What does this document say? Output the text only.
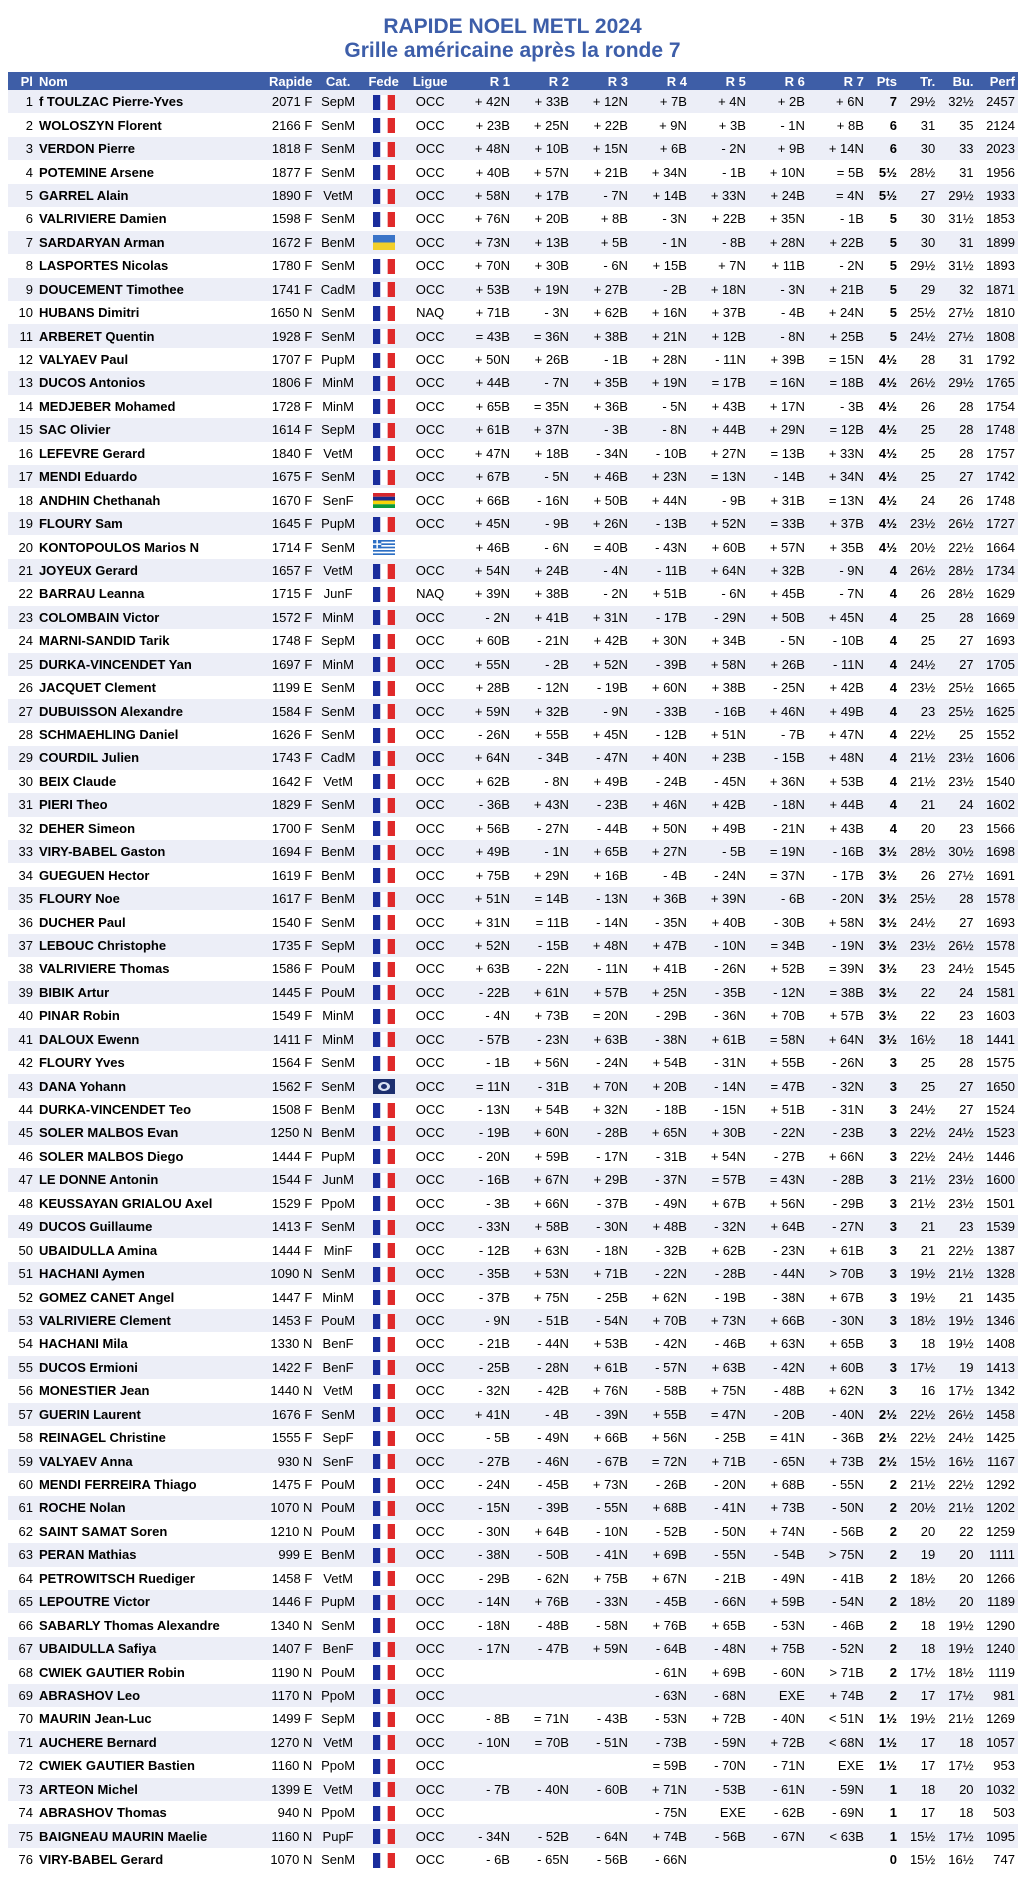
RAPIDE NOEL METL 2024
Grille américaine après la ronde 7
Pl	Nom	Rapide	Cat.	Fede	Ligue	R 1	R 2	R 3	R 4	R 5	R 6	R 7	Pts	Tr.	Bu.	Perf
1	f TOULZAC Pierre-Yves	2071 F	SepM		OCC	+ 42N	+ 33B	+ 12N	+ 7B	+ 4N	+ 2B	+ 6N	7	29½	32½	2457
2	WOLOSZYN Florent	2166 F	SenM		OCC	+ 23B	+ 25N	+ 22B	+ 9N	+ 3B	- 1N	+ 8B	6	31	35	2124
3	VERDON Pierre	1818 F	SenM		OCC	+ 48N	+ 10B	+ 15N	+ 6B	- 2N	+ 9B	+ 14N	6	30	33	2023
4	POTEMINE Arsene	1877 F	SenM		OCC	+ 40B	+ 57N	+ 21B	+ 34N	- 1B	+ 10N	= 5B	5½	28½	31	1956
5	GARREL Alain	1890 F	VetM		OCC	+ 58N	+ 17B	- 7N	+ 14B	+ 33N	+ 24B	= 4N	5½	27	29½	1933
6	VALRIVIERE Damien	1598 F	SenM		OCC	+ 76N	+ 20B	+ 8B	- 3N	+ 22B	+ 35N	- 1B	5	30	31½	1853
7	SARDARYAN Arman	1672 F	BenM		OCC	+ 73N	+ 13B	+ 5B	- 1N	- 8B	+ 28N	+ 22B	5	30	31	1899
8	LASPORTES Nicolas	1780 F	SenM		OCC	+ 70N	+ 30B	- 6N	+ 15B	+ 7N	+ 11B	- 2N	5	29½	31½	1893
9	DOUCEMENT Timothee	1741 F	CadM		OCC	+ 53B	+ 19N	+ 27B	- 2B	+ 18N	- 3N	+ 21B	5	29	32	1871
10	HUBANS Dimitri	1650 N	SenM		NAQ	+ 71B	- 3N	+ 62B	+ 16N	+ 37B	- 4B	+ 24N	5	25½	27½	1810
11	ARBERET Quentin	1928 F	SenM		OCC	= 43B	= 36N	+ 38B	+ 21N	+ 12B	- 8N	+ 25B	5	24½	27½	1808
12	VALYAEV Paul	1707 F	PupM		OCC	+ 50N	+ 26B	- 1B	+ 28N	- 11N	+ 39B	= 15N	4½	28	31	1792
13	DUCOS Antonios	1806 F	MinM		OCC	+ 44B	- 7N	+ 35B	+ 19N	= 17B	= 16N	= 18B	4½	26½	29½	1765
14	MEDJEBER Mohamed	1728 F	MinM		OCC	+ 65B	= 35N	+ 36B	- 5N	+ 43B	+ 17N	- 3B	4½	26	28	1754
15	SAC Olivier	1614 F	SepM		OCC	+ 61B	+ 37N	- 3B	- 8N	+ 44B	+ 29N	= 12B	4½	25	28	1748
16	LEFEVRE Gerard	1840 F	VetM		OCC	+ 47N	+ 18B	- 34N	- 10B	+ 27N	= 13B	+ 33N	4½	25	28	1757
17	MENDI Eduardo	1675 F	SenM		OCC	+ 67B	- 5N	+ 46B	+ 23N	= 13N	- 14B	+ 34N	4½	25	27	1742
18	ANDHIN Chethanah	1670 F	SenF		OCC	+ 66B	- 16N	+ 50B	+ 44N	- 9B	+ 31B	= 13N	4½	24	26	1748
19	FLOURY Sam	1645 F	PupM		OCC	+ 45N	- 9B	+ 26N	- 13B	+ 52N	= 33B	+ 37B	4½	23½	26½	1727
20	KONTOPOULOS Marios N	1714 F	SenM			+ 46B	- 6N	= 40B	- 43N	+ 60B	+ 57N	+ 35B	4½	20½	22½	1664
21	JOYEUX Gerard	1657 F	VetM		OCC	+ 54N	+ 24B	- 4N	- 11B	+ 64N	+ 32B	- 9N	4	26½	28½	1734
22	BARRAU Leanna	1715 F	JunF		NAQ	+ 39N	+ 38B	- 2N	+ 51B	- 6N	+ 45B	- 7N	4	26	28½	1629
23	COLOMBAIN Victor	1572 F	MinM		OCC	- 2N	+ 41B	+ 31N	- 17B	- 29N	+ 50B	+ 45N	4	25	28	1669
24	MARNI-SANDID Tarik	1748 F	SepM		OCC	+ 60B	- 21N	+ 42B	+ 30N	+ 34B	- 5N	- 10B	4	25	27	1693
25	DURKA-VINCENDET Yan	1697 F	MinM		OCC	+ 55N	- 2B	+ 52N	- 39B	+ 58N	+ 26B	- 11N	4	24½	27	1705
26	JACQUET Clement	1199 E	SenM		OCC	+ 28B	- 12N	- 19B	+ 60N	+ 38B	- 25N	+ 42B	4	23½	25½	1665
27	DUBUISSON Alexandre	1584 F	SenM		OCC	+ 59N	+ 32B	- 9N	- 33B	- 16B	+ 46N	+ 49B	4	23	25½	1625
28	SCHMAEHLING Daniel	1626 F	SenM		OCC	- 26N	+ 55B	+ 45N	- 12B	+ 51N	- 7B	+ 47N	4	22½	25	1552
29	COURDIL Julien	1743 F	CadM		OCC	+ 64N	- 34B	- 47N	+ 40N	+ 23B	- 15B	+ 48N	4	21½	23½	1606
30	BEIX Claude	1642 F	VetM		OCC	+ 62B	- 8N	+ 49B	- 24B	- 45N	+ 36N	+ 53B	4	21½	23½	1540
31	PIERI Theo	1829 F	SenM		OCC	- 36B	+ 43N	- 23B	+ 46N	+ 42B	- 18N	+ 44B	4	21	24	1602
32	DEHER Simeon	1700 F	SenM		OCC	+ 56B	- 27N	- 44B	+ 50N	+ 49B	- 21N	+ 43B	4	20	23	1566
33	VIRY-BABEL Gaston	1694 F	BenM		OCC	+ 49B	- 1N	+ 65B	+ 27N	- 5B	= 19N	- 16B	3½	28½	30½	1698
34	GUEGUEN Hector	1619 F	BenM		OCC	+ 75B	+ 29N	+ 16B	- 4B	- 24N	= 37N	- 17B	3½	26	27½	1691
35	FLOURY Noe	1617 F	BenM		OCC	+ 51N	= 14B	- 13N	+ 36B	+ 39N	- 6B	- 20N	3½	25½	28	1578
36	DUCHER Paul	1540 F	SenM		OCC	+ 31N	= 11B	- 14N	- 35N	+ 40B	- 30B	+ 58N	3½	24½	27	1693
37	LEBOUC Christophe	1735 F	SepM		OCC	+ 52N	- 15B	+ 48N	+ 47B	- 10N	= 34B	- 19N	3½	23½	26½	1578
38	VALRIVIERE Thomas	1586 F	PouM		OCC	+ 63B	- 22N	- 11N	+ 41B	- 26N	+ 52B	= 39N	3½	23	24½	1545
39	BIBIK Artur	1445 F	PouM		OCC	- 22B	+ 61N	+ 57B	+ 25N	- 35B	- 12N	= 38B	3½	22	24	1581
40	PINAR Robin	1549 F	MinM		OCC	- 4N	+ 73B	= 20N	- 29B	- 36N	+ 70B	+ 57B	3½	22	23	1603
41	DALOUX Ewenn	1411 F	MinM		OCC	- 57B	- 23N	+ 63B	- 38N	+ 61B	= 58N	+ 64N	3½	16½	18	1441
42	FLOURY Yves	1564 F	SenM		OCC	- 1B	+ 56N	- 24N	+ 54B	- 31N	+ 55B	- 26N	3	25	28	1575
43	DANA Yohann	1562 F	SenM		OCC	= 11N	- 31B	+ 70N	+ 20B	- 14N	= 47B	- 32N	3	25	27	1650
44	DURKA-VINCENDET Teo	1508 F	BenM		OCC	- 13N	+ 54B	+ 32N	- 18B	- 15N	+ 51B	- 31N	3	24½	27	1524
45	SOLER MALBOS Evan	1250 N	BenM		OCC	- 19B	+ 60N	- 28B	+ 65N	+ 30B	- 22N	- 23B	3	22½	24½	1523
46	SOLER MALBOS Diego	1444 F	PupM		OCC	- 20N	+ 59B	- 17N	- 31B	+ 54N	- 27B	+ 66N	3	22½	24½	1446
47	LE DONNE Antonin	1544 F	JunM		OCC	- 16B	+ 67N	+ 29B	- 37N	= 57B	= 43N	- 28B	3	21½	23½	1600
48	KEUSSAYAN GRIALOU Axel	1529 F	PpoM		OCC	- 3B	+ 66N	- 37B	- 49N	+ 67B	+ 56N	- 29B	3	21½	23½	1501
49	DUCOS Guillaume	1413 F	SenM		OCC	- 33N	+ 58B	- 30N	+ 48B	- 32N	+ 64B	- 27N	3	21	23	1539
50	UBAIDULLA Amina	1444 F	MinF		OCC	- 12B	+ 63N	- 18N	- 32B	+ 62B	- 23N	+ 61B	3	21	22½	1387
51	HACHANI Aymen	1090 N	SenM		OCC	- 35B	+ 53N	+ 71B	- 22N	- 28B	- 44N	> 70B	3	19½	21½	1328
52	GOMEZ CANET Angel	1447 F	MinM		OCC	- 37B	+ 75N	- 25B	+ 62N	- 19B	- 38N	+ 67B	3	19½	21	1435
53	VALRIVIERE Clement	1453 F	PouM		OCC	- 9N	- 51B	- 54N	+ 70B	+ 73N	+ 66B	- 30N	3	18½	19½	1346
54	HACHANI Mila	1330 N	BenF		OCC	- 21B	- 44N	+ 53B	- 42N	- 46B	+ 63N	+ 65B	3	18	19½	1408
55	DUCOS Ermioni	1422 F	BenF		OCC	- 25B	- 28N	+ 61B	- 57N	+ 63B	- 42N	+ 60B	3	17½	19	1413
56	MONESTIER Jean	1440 N	VetM		OCC	- 32N	- 42B	+ 76N	- 58B	+ 75N	- 48B	+ 62N	3	16	17½	1342
57	GUERIN Laurent	1676 F	SenM		OCC	+ 41N	- 4B	- 39N	+ 55B	= 47N	- 20B	- 40N	2½	22½	26½	1458
58	REINAGEL Christine	1555 F	SepF		OCC	- 5B	- 49N	+ 66B	+ 56N	- 25B	= 41N	- 36B	2½	22½	24½	1425
59	VALYAEV Anna	930 N	SenF		OCC	- 27B	- 46N	- 67B	= 72N	+ 71B	- 65N	+ 73B	2½	15½	16½	1167
60	MENDI FERREIRA Thiago	1475 F	PouM		OCC	- 24N	- 45B	+ 73N	- 26B	- 20N	+ 68B	- 55N	2	21½	22½	1292
61	ROCHE Nolan	1070 N	PouM		OCC	- 15N	- 39B	- 55N	+ 68B	- 41N	+ 73B	- 50N	2	20½	21½	1202
62	SAINT SAMAT Soren	1210 N	PouM		OCC	- 30N	+ 64B	- 10N	- 52B	- 50N	+ 74N	- 56B	2	20	22	1259
63	PERAN Mathias	999 E	BenM		OCC	- 38N	- 50B	- 41N	+ 69B	- 55N	- 54B	> 75N	2	19	20	1111
64	PETROWITSCH Ruediger	1458 F	VetM		OCC	- 29B	- 62N	+ 75B	+ 67N	- 21B	- 49N	- 41B	2	18½	20	1266
65	LEPOUTRE Victor	1446 F	PupM		OCC	- 14N	+ 76B	- 33N	- 45B	- 66N	+ 59B	- 54N	2	18½	20	1189
66	SABARLY Thomas Alexandre	1340 N	SenM		OCC	- 18N	- 48B	- 58N	+ 76B	+ 65B	- 53N	- 46B	2	18	19½	1290
67	UBAIDULLA Safiya	1407 F	BenF		OCC	- 17N	- 47B	+ 59N	- 64B	- 48N	+ 75B	- 52N	2	18	19½	1240
68	CWIEK GAUTIER Robin	1190 N	PouM		OCC				- 61N	+ 69B	- 60N	> 71B	2	17½	18½	1119
69	ABRASHOV Leo	1170 N	PpoM		OCC				- 63N	- 68N	EXE	+ 74B	2	17	17½	981
70	MAURIN Jean-Luc	1499 F	SepM		OCC	- 8B	= 71N	- 43B	- 53N	+ 72B	- 40N	< 51N	1½	19½	21½	1269
71	AUCHERE Bernard	1270 N	VetM		OCC	- 10N	= 70B	- 51N	- 73B	- 59N	+ 72B	< 68N	1½	17	18	1057
72	CWIEK GAUTIER Bastien	1160 N	PpoM		OCC				= 59B	- 70N	- 71N	EXE	1½	17	17½	953
73	ARTEON Michel	1399 E	VetM		OCC	- 7B	- 40N	- 60B	+ 71N	- 53B	- 61N	- 59N	1	18	20	1032
74	ABRASHOV Thomas	940 N	PpoM		OCC				- 75N	EXE	- 62B	- 69N	1	17	18	503
75	BAIGNEAU MAURIN Maelie	1160 N	PupF		OCC	- 34N	- 52B	- 64N	+ 74B	- 56B	- 67N	< 63B	1	15½	17½	1095
76	VIRY-BABEL Gerard	1070 N	SenM		OCC	- 6B	- 65N	- 56B	- 66N				0	15½	16½	747
